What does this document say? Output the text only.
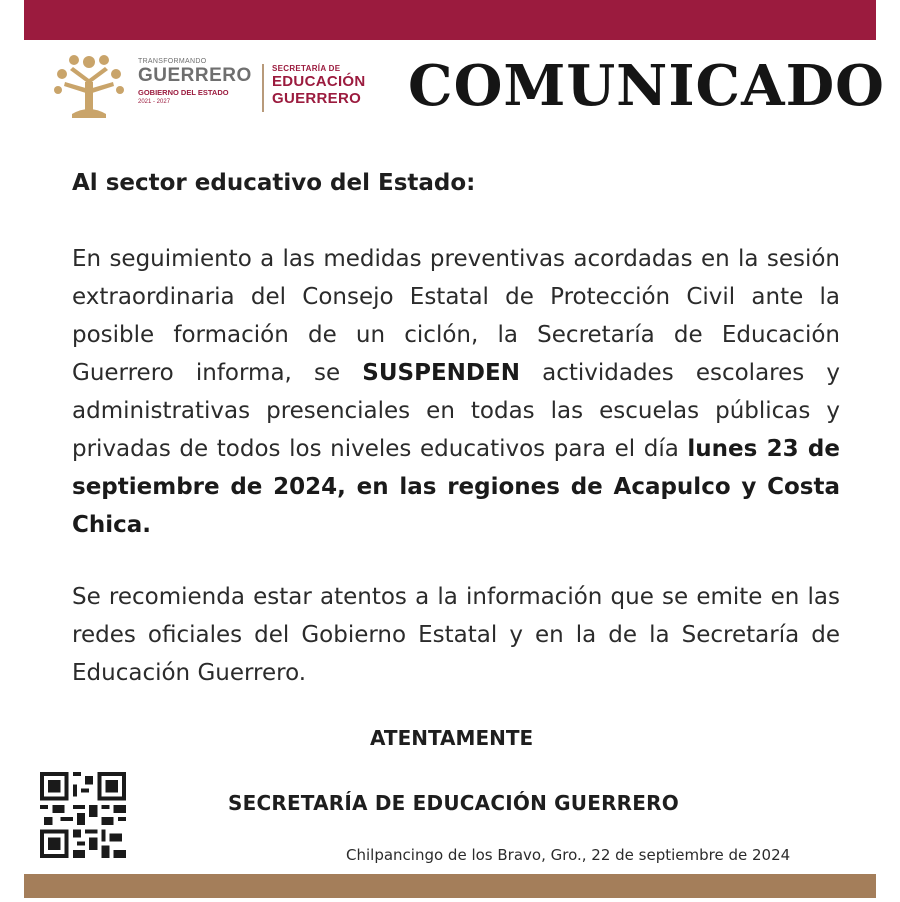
TRANSFORMANDO
GUERRERO
GOBIERNO DEL ESTADO
2021 - 2027
SECRETARÍA DE
EDUCACIÓN
GUERRERO COMUNICADO
Al sector educativo del Estado:
En seguimiento a las medidas preventivas acordadas en la sesión extraordinaria del Consejo Estatal de Protección Civil ante la posible formación de un ciclón, la Secretaría de Educación Guerrero informa, se SUSPENDEN actividades escolares y administrativas presenciales en todas las escuelas públicas y privadas de todos los niveles educativos para el día lunes 23 de septiembre de 2024, en las regiones de Acapulco y Costa Chica.
Se recomienda estar atentos a la información que se emite en las redes oficiales del Gobierno Estatal y en la de la Secretaría de Educación Guerrero.
ATENTAMENTE
SECRETARÍA DE EDUCACIÓN GUERRERO
Chilpancingo de los Bravo, Gro., 22 de septiembre de 2024
